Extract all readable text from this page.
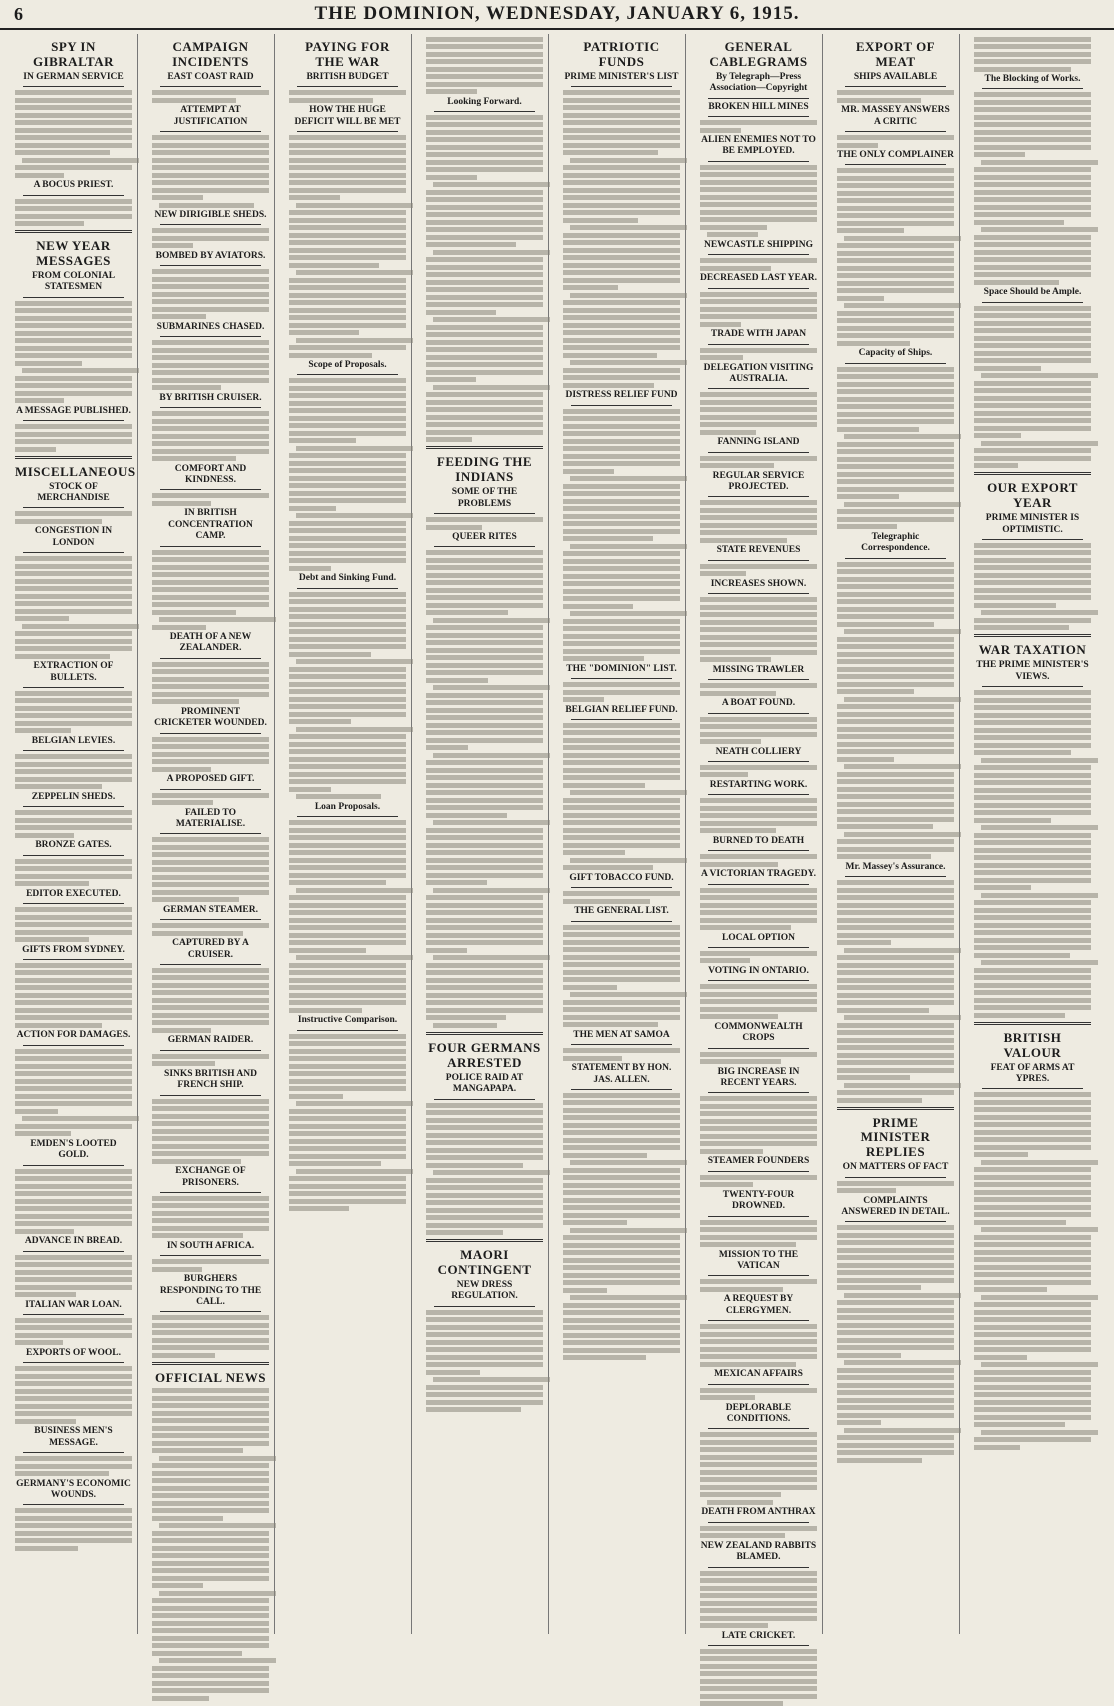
6	THE DOMINION, WEDNESDAY, JANUARY 6, 1915.
SPY IN GIBRALTAR
IN GERMAN SERVICE
A BOCUS PRIEST.
NEW YEAR MESSAGES
FROM COLONIAL STATESMEN
A MESSAGE PUBLISHED.
MISCELLANEOUS
STOCK OF MERCHANDISE
CONGESTION IN LONDON
EXTRACTION OF BULLETS.
BELGIAN LEVIES.
ZEPPELIN SHEDS.
BRONZE GATES.
EDITOR EXECUTED.
GIFTS FROM SYDNEY.
ACTION FOR DAMAGES.
EMDEN'S LOOTED GOLD.
ADVANCE IN BREAD.
ITALIAN WAR LOAN.
EXPORTS OF WOOL.
BUSINESS MEN'S MESSAGE.
GERMANY'S ECONOMIC WOUNDS.
CAMPAIGN INCIDENTS
EAST COAST RAID
ATTEMPT AT JUSTIFICATION
NEW DIRIGIBLE SHEDS.
BOMBED BY AVIATORS.
SUBMARINES CHASED.
BY BRITISH CRUISER.
COMFORT AND KINDNESS.
IN BRITISH CONCENTRATION CAMP.
DEATH OF A NEW ZEALANDER.
PROMINENT CRICKETER WOUNDED.
A PROPOSED GIFT.
FAILED TO MATERIALISE.
GERMAN STEAMER.
CAPTURED BY A CRUISER.
GERMAN RAIDER.
SINKS BRITISH AND FRENCH SHIP.
EXCHANGE OF PRISONERS.
IN SOUTH AFRICA.
BURGHERS RESPONDING TO THE CALL.
OFFICIAL NEWS
PAYING FOR THE WAR
BRITISH BUDGET
HOW THE HUGE DEFICIT WILL BE MET
Scope of Proposals.
Debt and Sinking Fund.
Loan Proposals.
Instructive Comparison.
Looking Forward.
FEEDING THE INDIANS
SOME OF THE PROBLEMS
QUEER RITES
FOUR GERMANS ARRESTED
POLICE RAID AT MANGAPAPA.
MAORI CONTINGENT
NEW DRESS REGULATION.
PATRIOTIC FUNDS
PRIME MINISTER'S LIST
DISTRESS RELIEF FUND
THE "DOMINION" LIST.
BELGIAN RELIEF FUND.
GIFT TOBACCO FUND.
THE GENERAL LIST.
THE MEN AT SAMOA
STATEMENT BY HON. JAS. ALLEN.
GENERAL CABLEGRAMS
By Telegraph—Press Association—Copyright
BROKEN HILL MINES
ALIEN ENEMIES NOT TO BE EMPLOYED.
NEWCASTLE SHIPPING
DECREASED LAST YEAR.
TRADE WITH JAPAN
DELEGATION VISITING AUSTRALIA.
FANNING ISLAND
REGULAR SERVICE PROJECTED.
STATE REVENUES
INCREASES SHOWN.
MISSING TRAWLER
A BOAT FOUND.
NEATH COLLIERY
RESTARTING WORK.
BURNED TO DEATH
A VICTORIAN TRAGEDY.
LOCAL OPTION
VOTING IN ONTARIO.
COMMONWEALTH CROPS
BIG INCREASE IN RECENT YEARS.
STEAMER FOUNDERS
TWENTY-FOUR DROWNED.
MISSION TO THE VATICAN
A REQUEST BY CLERGYMEN.
MEXICAN AFFAIRS
DEPLORABLE CONDITIONS.
DEATH FROM ANTHRAX
NEW ZEALAND RABBITS BLAMED.
LATE CRICKET.
EXPORT OF MEAT
SHIPS AVAILABLE
MR. MASSEY ANSWERS A CRITIC
THE ONLY COMPLAINER
Capacity of Ships.
Telegraphic Correspondence.
Mr. Massey's Assurance.
PRIME MINISTER REPLIES
ON MATTERS OF FACT
COMPLAINTS ANSWERED IN DETAIL.
The Blocking of Works.
Space Should be Ample.
OUR EXPORT YEAR
PRIME MINISTER IS OPTIMISTIC.
WAR TAXATION
THE PRIME MINISTER'S VIEWS.
BRITISH VALOUR
FEAT OF ARMS AT YPRES.
